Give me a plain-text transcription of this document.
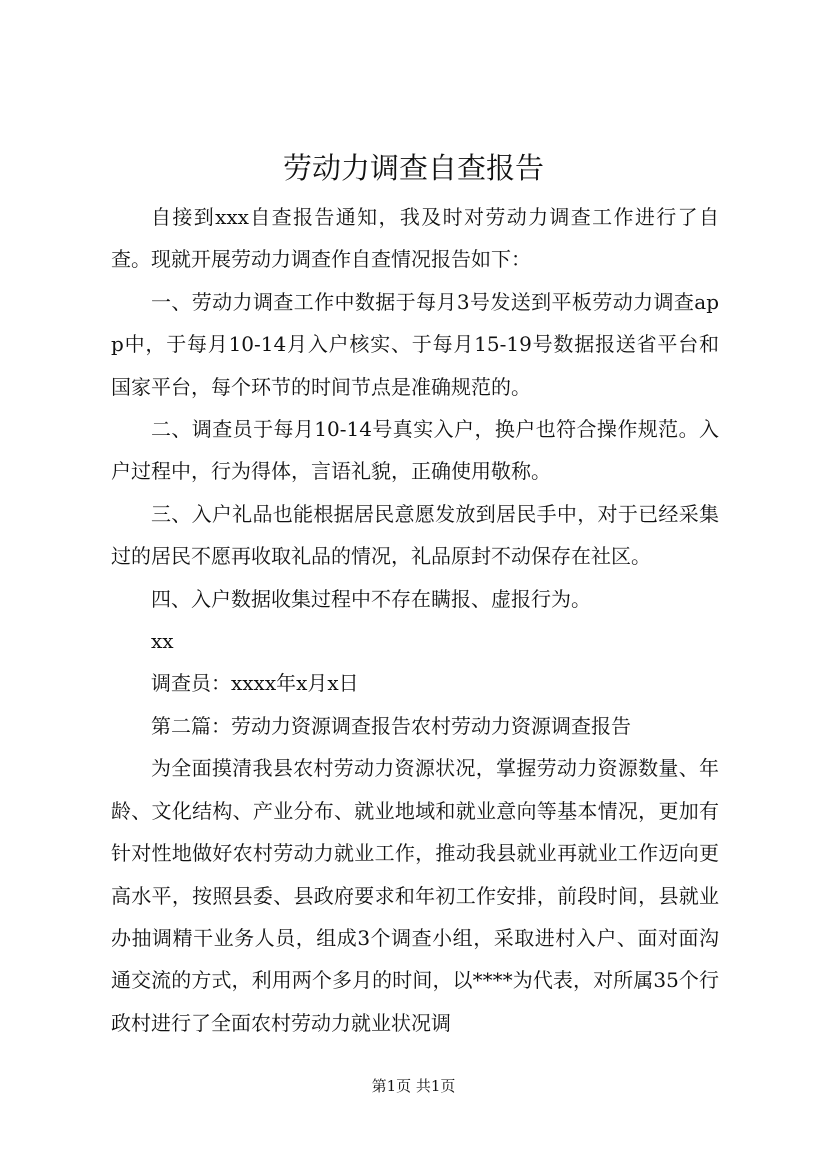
劳动力调查自查报告

自接到xxx自查报告通知，我及时对劳动力调查工作进行了自查。现就开展劳动力调查作自查情况报告如下：

一、劳动力调查工作中数据于每月3号发送到平板劳动力调查app中，于每月10-14月入户核实、于每月15-19号数据报送省平台和国家平台，每个环节的时间节点是准确规范的。

二、调查员于每月10-14号真实入户，换户也符合操作规范。入户过程中，行为得体，言语礼貌，正确使用敬称。

三、入户礼品也能根据居民意愿发放到居民手中，对于已经采集过的居民不愿再收取礼品的情况，礼品原封不动保存在社区。

四、入户数据收集过程中不存在瞒报、虚报行为。

xx

调查员：xxxx年x月x日

第二篇：劳动力资源调查报告农村劳动力资源调查报告

为全面摸清我县农村劳动力资源状况，掌握劳动力资源数量、年龄、文化结构、产业分布、就业地域和就业意向等基本情况，更加有针对性地做好农村劳动力就业工作，推动我县就业再就业工作迈向更高水平，按照县委、县政府要求和年初工作安排，前段时间，县就业办抽调精干业务人员，组成3个调查小组，采取进村入户、面对面沟通交流的方式，利用两个多月的时间，以****为代表，对所属35个行政村进行了全面农村劳动力就业状况调

第1页 共1页
